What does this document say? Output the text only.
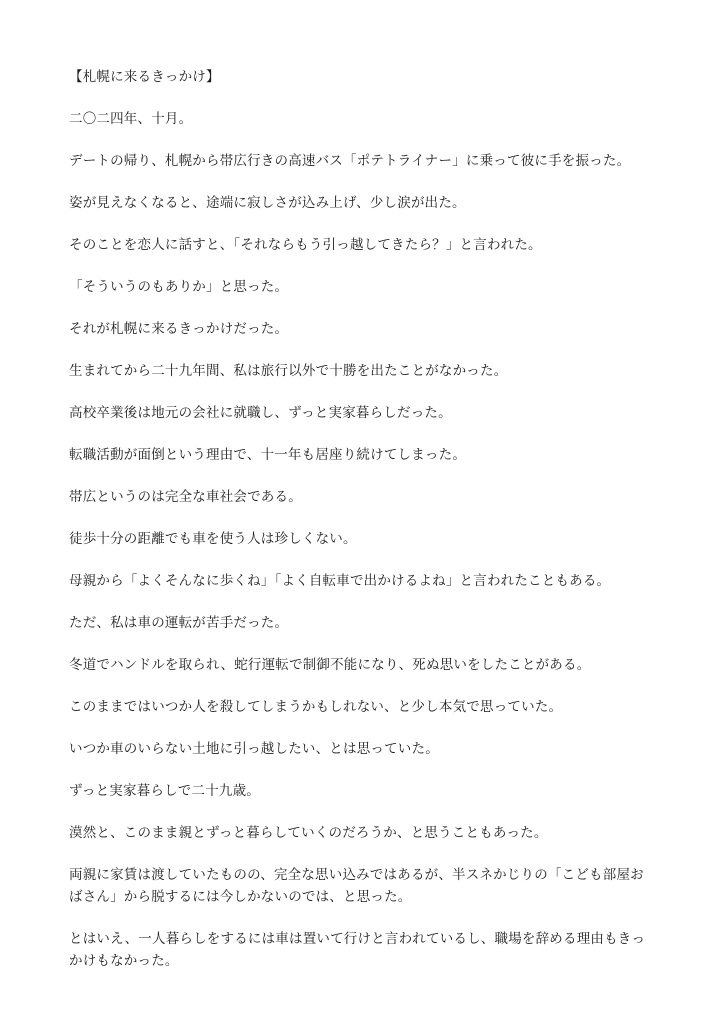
【札幌に来るきっかけ】

二〇二四年、十月。

デートの帰り、札幌から帯広行きの高速バス「ポテトライナー」に乗って彼に手を振った。

姿が見えなくなると、途端に寂しさが込み上げ、少し涙が出た。

そのことを恋人に話すと、「それならもう引っ越してきたら？」と言われた。

「そういうのもありか」と思った。

それが札幌に来るきっかけだった。

生まれてから二十九年間、私は旅行以外で十勝を出たことがなかった。

高校卒業後は地元の会社に就職し、ずっと実家暮らしだった。

転職活動が面倒という理由で、十一年も居座り続けてしまった。

帯広というのは完全な車社会である。

徒歩十分の距離でも車を使う人は珍しくない。

母親から「よくそんなに歩くね」「よく自転車で出かけるよね」と言われたこともある。

ただ、私は車の運転が苦手だった。

冬道でハンドルを取られ、蛇行運転で制御不能になり、死ぬ思いをしたことがある。

このままではいつか人を殺してしまうかもしれない、と少し本気で思っていた。

いつか車のいらない土地に引っ越したい、とは思っていた。

ずっと実家暮らしで二十九歳。

漠然と、このまま親とずっと暮らしていくのだろうか、と思うこともあった。

両親に家賃は渡していたものの、完全な思い込みではあるが、半スネかじりの「こども部屋おばさん」から脱するには今しかないのでは、と思った。

とはいえ、一人暮らしをするには車は置いて行けと言われているし、職場を辞める理由もきっかけもなかった。
